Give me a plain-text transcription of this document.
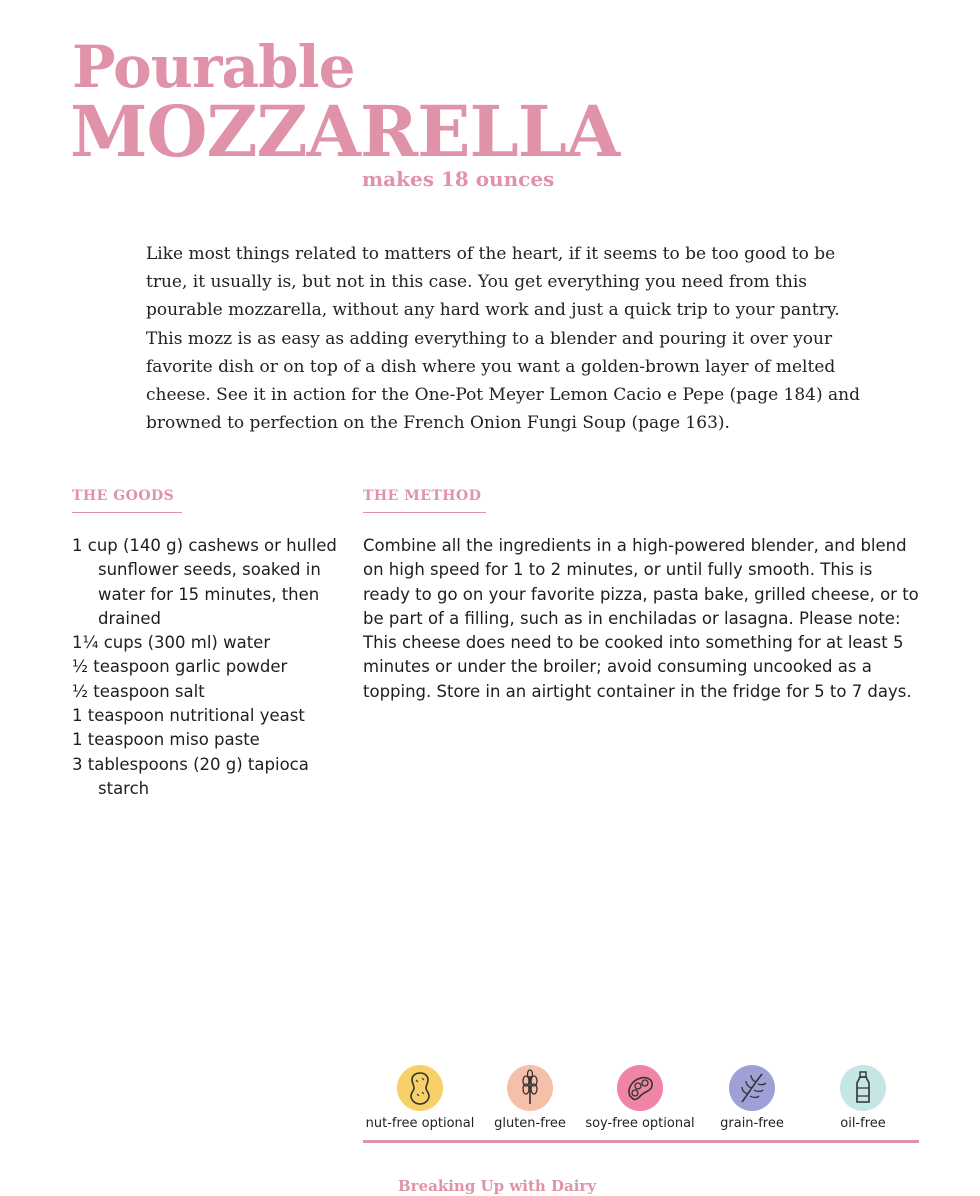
Pourable
MOZZARELLA
makes 18 ounces

Like most things related to matters of the heart, if it seems to be too good to be true, it usually is, but not in this case. You get everything you need from this pourable mozzarella, without any hard work and just a quick trip to your pantry. This mozz is as easy as adding everything to a blender and pouring it over your favorite dish or on top of a dish where you want a golden-brown layer of melted cheese. See it in action for the One-Pot Meyer Lemon Cacio e Pepe (page 184) and browned to perfection on the French Onion Fungi Soup (page 163).

THE GOODS	THE METHOD
1 cup (140 g) cashews or hulled sunflower seeds, soaked in water for 15 minutes, then drained
1¼ cups (300 ml) water
½ teaspoon garlic powder
½ teaspoon salt
1 teaspoon nutritional yeast
1 teaspoon miso paste
3 tablespoons (20 g) tapioca starch

Combine all the ingredients in a high-powered blender, and blend on high speed for 1 to 2 minutes, or until fully smooth. This is ready to go on your favorite pizza, pasta bake, grilled cheese, or to be part of a filling, such as in enchiladas or lasagna. Please note: This cheese does need to be cooked into something for at least 5 minutes or under the broiler; avoid consuming uncooked as a topping. Store in an airtight container in the fridge for 5 to 7 days.

nut-free optional	gluten-free	soy-free optional	grain-free	oil-free
Breaking Up with Dairy
